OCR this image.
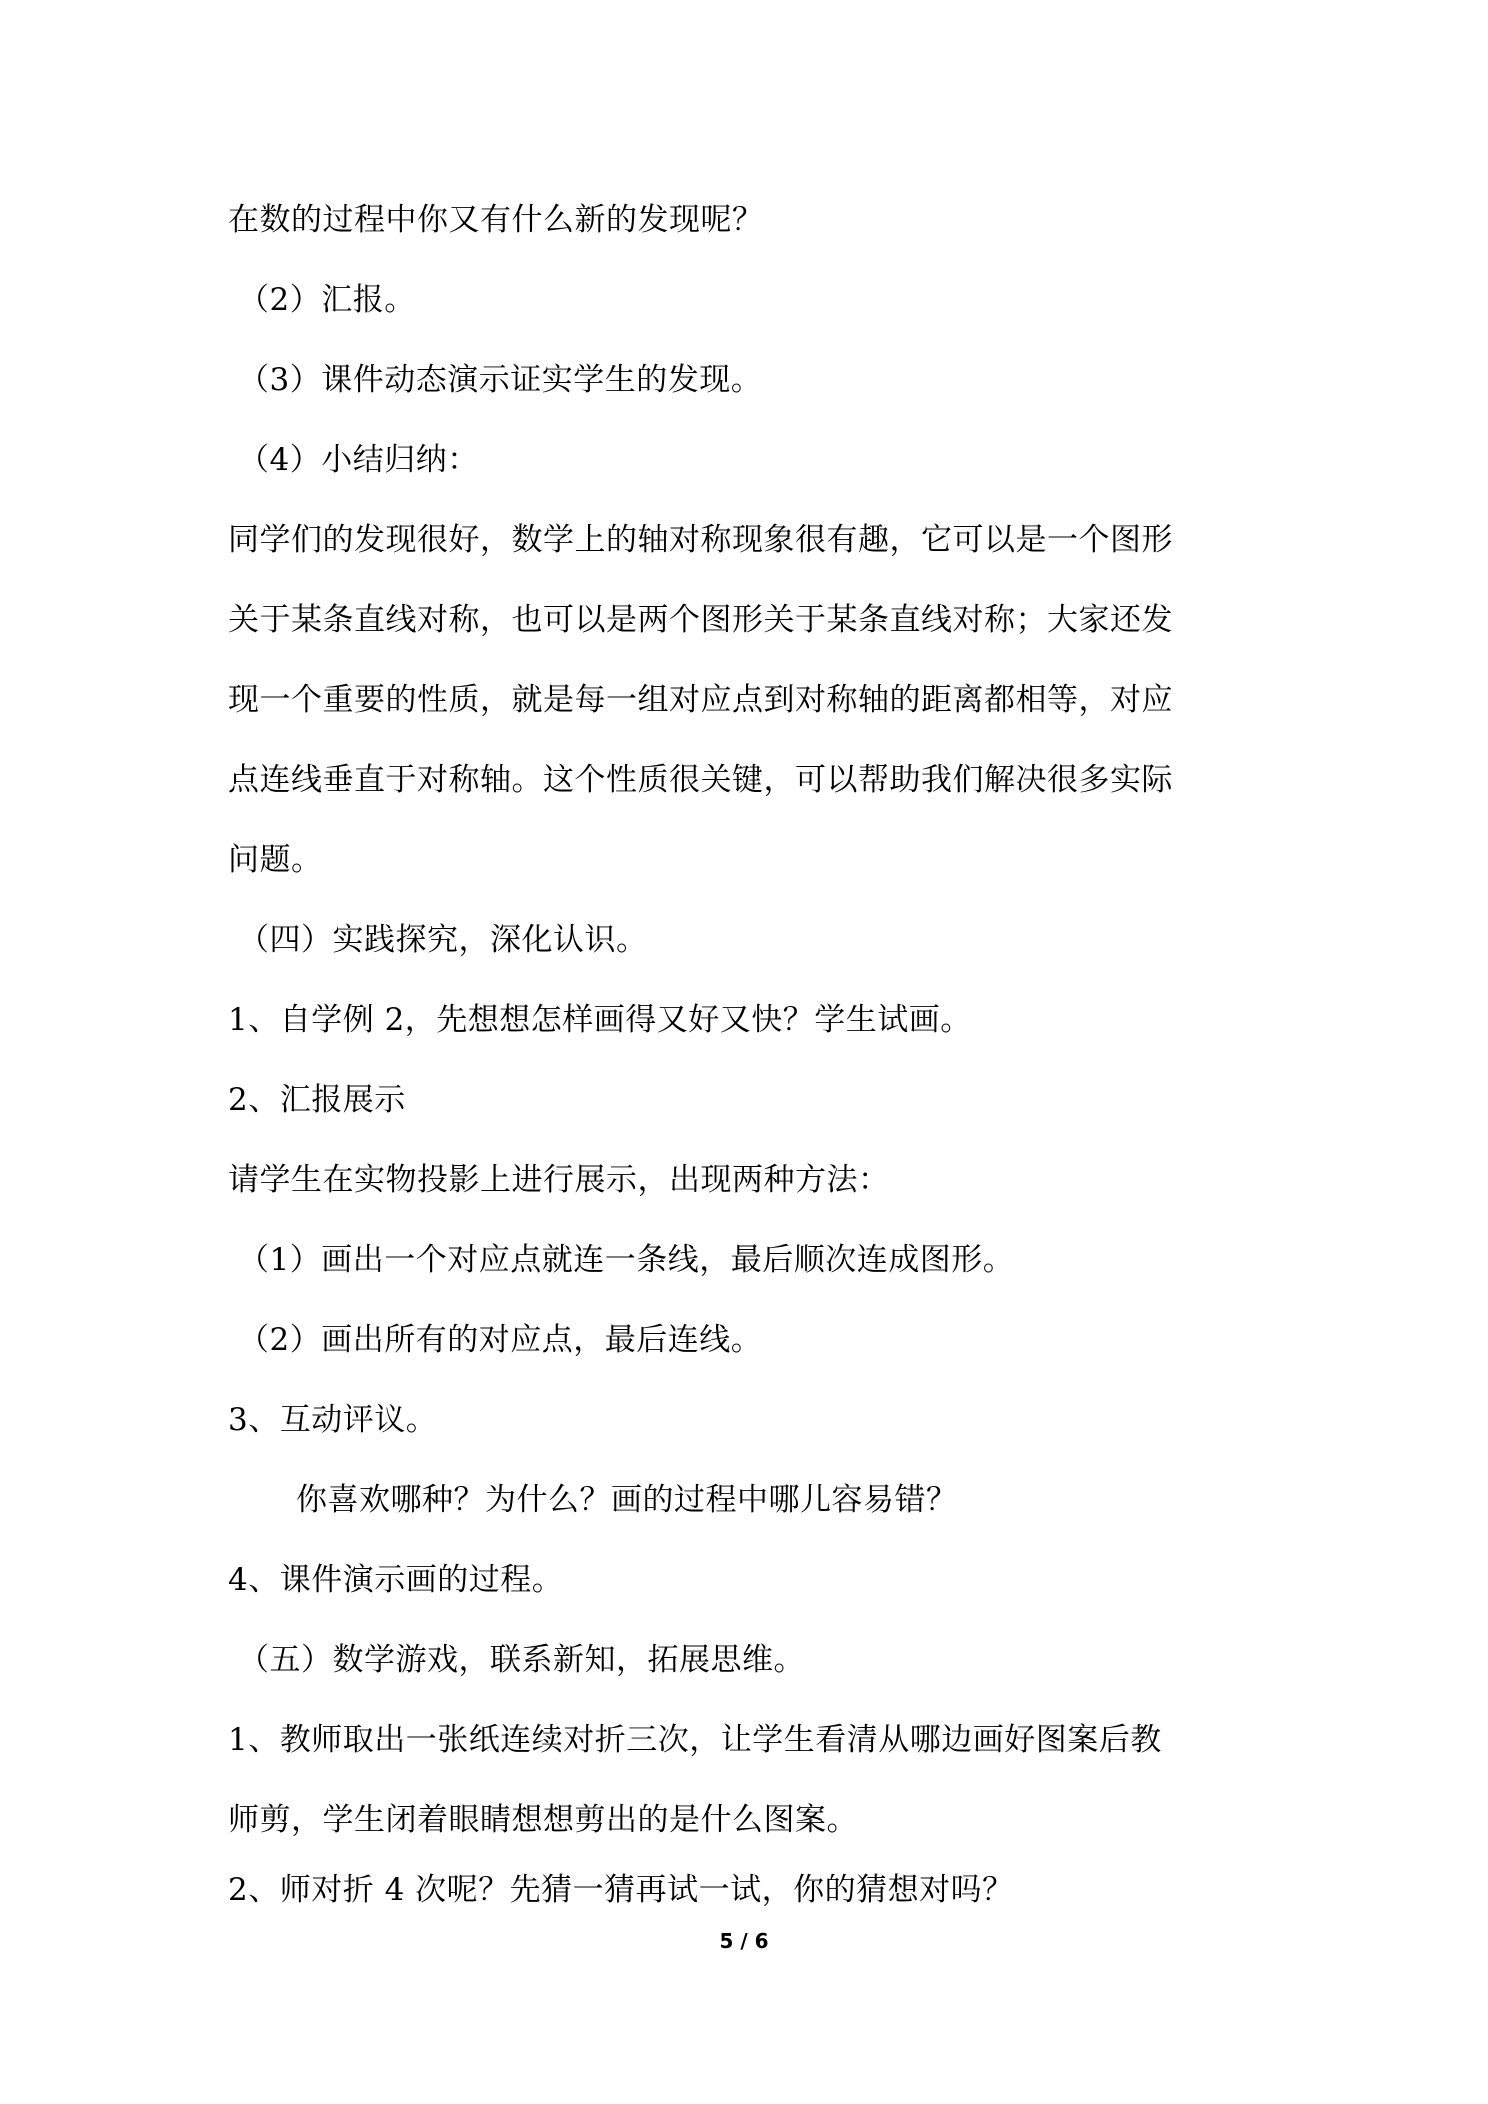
在数的过程中你又有什么新的发现呢？
（2）汇报。
（3）课件动态演示证实学生的发现。
（4）小结归纳：
同学们的发现很好，数学上的轴对称现象很有趣，它可以是一个图形
关于某条直线对称，也可以是两个图形关于某条直线对称；大家还发
现一个重要的性质，就是每一组对应点到对称轴的距离都相等，对应
点连线垂直于对称轴。这个性质很关键，可以帮助我们解决很多实际
问题。
（四）实践探究，深化认识。
1、自学例 2，先想想怎样画得又好又快？学生试画。
2、汇报展示
请学生在实物投影上进行展示，出现两种方法：
（1）画出一个对应点就连一条线，最后顺次连成图形。
（2）画出所有的对应点，最后连线。
3、互动评议。
你喜欢哪种？为什么？画的过程中哪儿容易错？
4、课件演示画的过程。
（五）数学游戏，联系新知，拓展思维。
1、教师取出一张纸连续对折三次，让学生看清从哪边画好图案后教
师剪，学生闭着眼睛想想剪出的是什么图案。
2、师对折 4 次呢？先猜一猜再试一试，你的猜想对吗？
5 / 6
